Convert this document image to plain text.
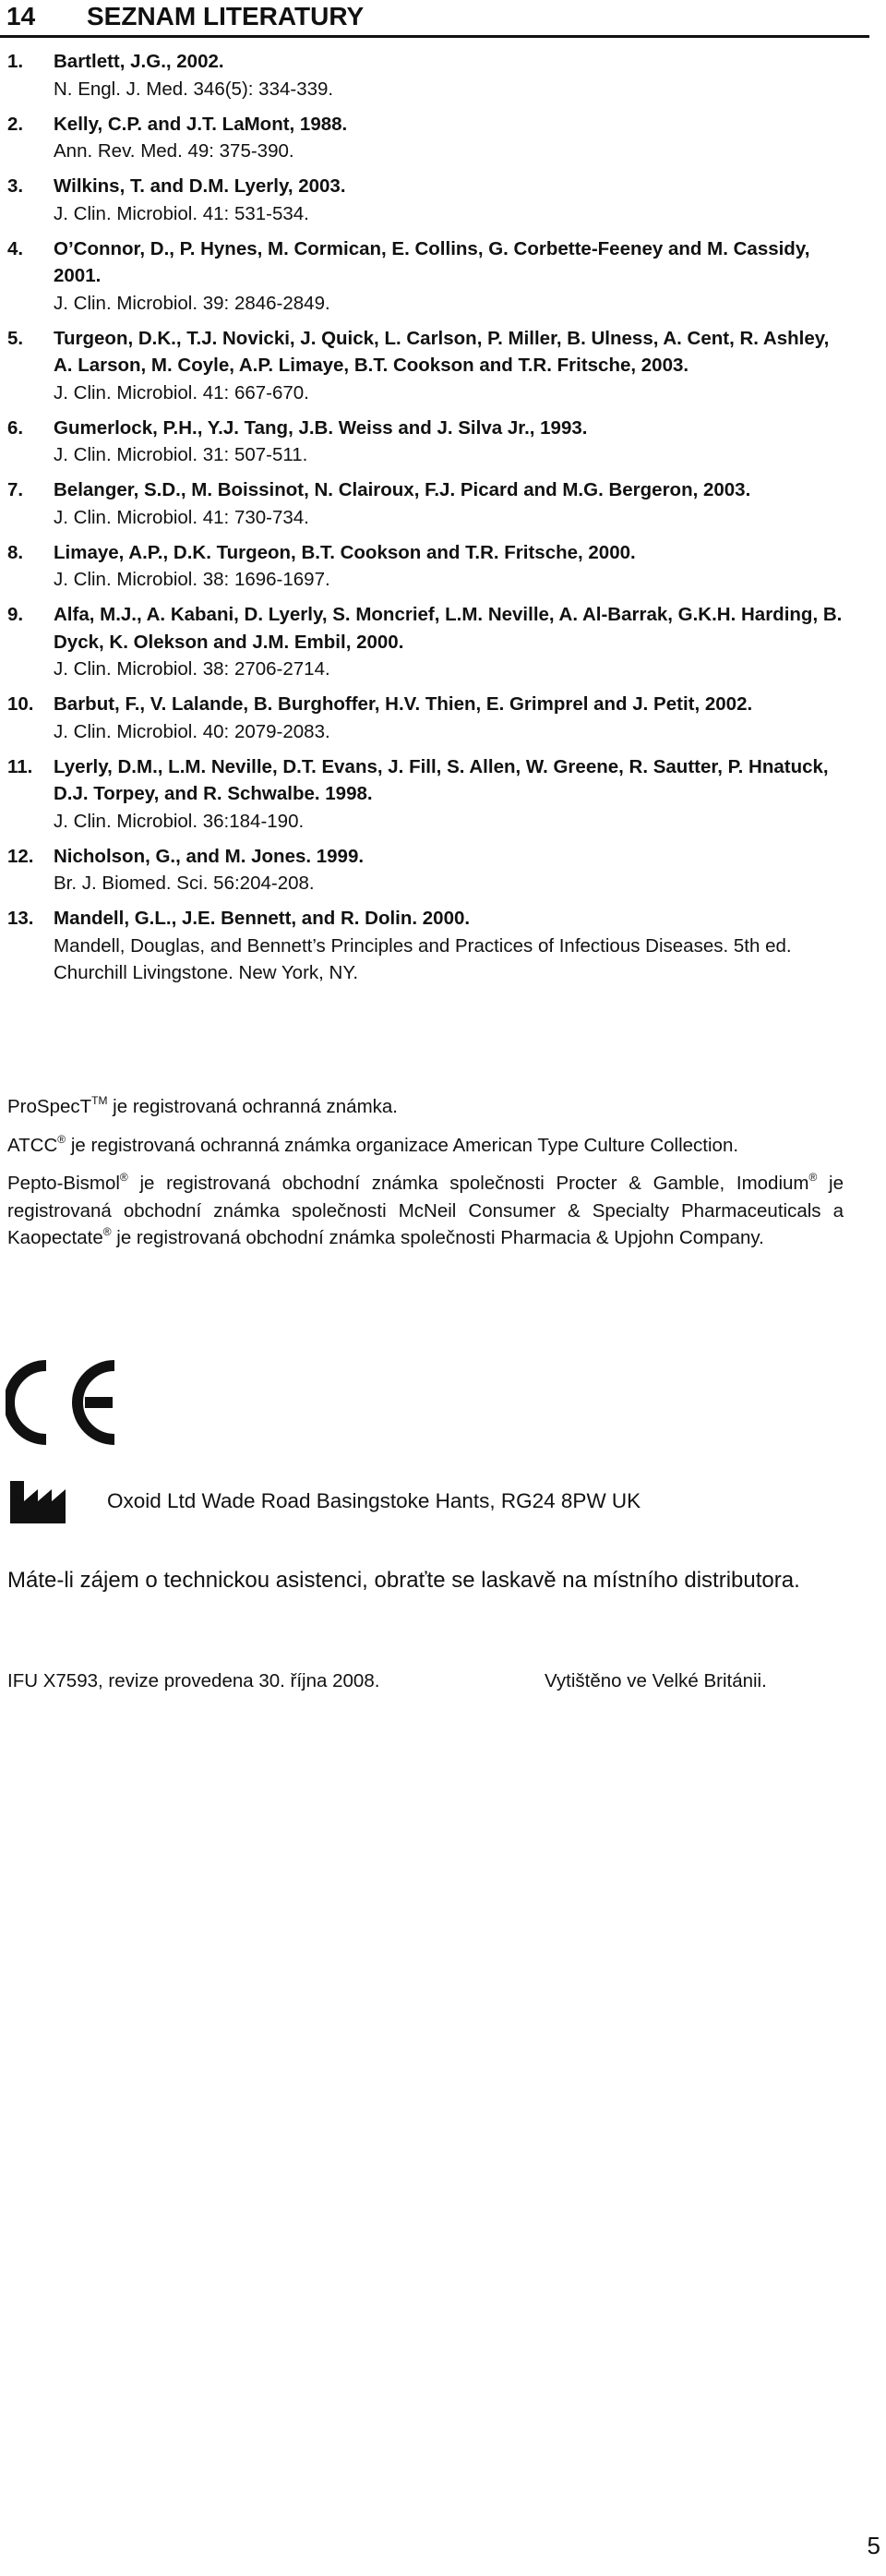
14 SEZNAM LITERATURY
1. Bartlett, J.G., 2002.
N. Engl. J. Med. 346(5): 334-339.
2. Kelly, C.P. and J.T. LaMont, 1988.
Ann. Rev. Med. 49: 375-390.
3. Wilkins, T. and D.M. Lyerly, 2003.
J. Clin. Microbiol. 41: 531-534.
4. O’Connor, D., P. Hynes, M. Cormican, E. Collins, G. Corbette-Feeney and M. Cassidy, 2001.
J. Clin. Microbiol. 39: 2846-2849.
5. Turgeon, D.K., T.J. Novicki, J. Quick, L. Carlson, P. Miller, B. Ulness, A. Cent, R. Ashley, A. Larson, M. Coyle, A.P. Limaye, B.T. Cookson and T.R. Fritsche, 2003.
J. Clin. Microbiol. 41: 667-670.
6. Gumerlock, P.H., Y.J. Tang, J.B. Weiss and J. Silva Jr., 1993.
J. Clin. Microbiol. 31: 507-511.
7. Belanger, S.D., M. Boissinot, N. Clairoux, F.J. Picard and M.G. Bergeron, 2003.
J. Clin. Microbiol. 41: 730-734.
8. Limaye, A.P., D.K. Turgeon, B.T. Cookson and T.R. Fritsche, 2000.
J. Clin. Microbiol. 38: 1696-1697.
9. Alfa, M.J., A. Kabani, D. Lyerly, S. Moncrief, L.M. Neville, A. Al-Barrak, G.K.H. Harding, B. Dyck, K. Olekson and J.M. Embil, 2000.
J. Clin. Microbiol. 38: 2706-2714.
10. Barbut, F., V. Lalande, B. Burghoffer, H.V. Thien, E. Grimprel and J. Petit, 2002.
J. Clin. Microbiol. 40: 2079-2083.
11. Lyerly, D.M., L.M. Neville, D.T. Evans, J. Fill, S. Allen, W. Greene, R. Sautter, P. Hnatuck, D.J. Torpey, and R. Schwalbe. 1998.
J. Clin. Microbiol. 36:184-190.
12. Nicholson, G., and M. Jones. 1999.
Br. J. Biomed. Sci. 56:204-208.
13. Mandell, G.L., J.E. Bennett, and R. Dolin. 2000.
Mandell, Douglas, and Bennett’s Principles and Practices of Infectious Diseases. 5th ed. Churchill Livingstone. New York, NY.

ProSpecT™ je registrovaná ochranná známka.

ATCC® je registrovaná ochranná známka organizace American Type Culture Collection.

Pepto-Bismol® je registrovaná obchodní známka společnosti Procter & Gamble, Imodium® je registrovaná obchodní známka společnosti McNeil Consumer & Specialty Pharmaceuticals a Kaopectate® je registrovaná obchodní známka společnosti Pharmacia & Upjohn Company.

Oxoid Ltd Wade Road Basingstoke Hants, RG24 8PW UK
Máte-li zájem o technickou asistenci, obraťte se laskavě na místního distributora.
IFU X7593, revize provedena 30. října 2008.	Vytištěno ve Velké Británii.
5
